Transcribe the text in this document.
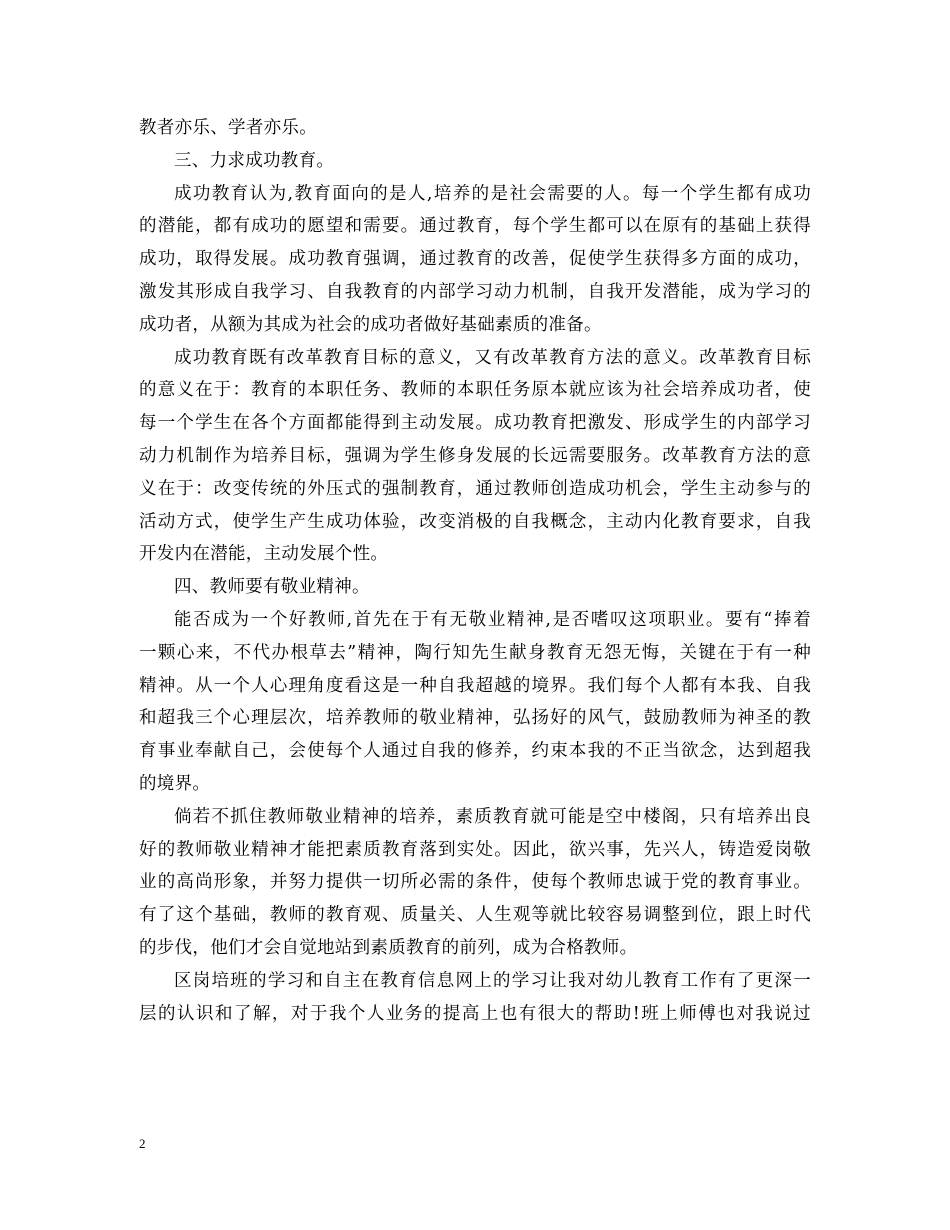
教者亦乐、学者亦乐。
三、力求成功教育。
成功教育认为,教育面向的是人,培养的是社会需要的人。每一个学生都有成功
的潜能，都有成功的愿望和需要。通过教育，每个学生都可以在原有的基础上获得
成功，取得发展。成功教育强调，通过教育的改善，促使学生获得多方面的成功，
激发其形成自我学习、自我教育的内部学习动力机制，自我开发潜能，成为学习的
成功者，从额为其成为社会的成功者做好基础素质的准备。
成功教育既有改革教育目标的意义，又有改革教育方法的意义。改革教育目标
的意义在于：教育的本职任务、教师的本职任务原本就应该为社会培养成功者，使
每一个学生在各个方面都能得到主动发展。成功教育把激发、形成学生的内部学习
动力机制作为培养目标，强调为学生修身发展的长远需要服务。改革教育方法的意
义在于：改变传统的外压式的强制教育，通过教师创造成功机会，学生主动参与的
活动方式，使学生产生成功体验，改变消极的自我概念，主动内化教育要求，自我
开发内在潜能，主动发展个性。
四、教师要有敬业精神。
能否成为一个好教师,首先在于有无敬业精神,是否嗜叹这项职业。要有“捧着
一颗心来，不代办根草去”精神，陶行知先生献身教育无怨无悔，关键在于有一种
精神。从一个人心理角度看这是一种自我超越的境界。我们每个人都有本我、自我
和超我三个心理层次，培养教师的敬业精神，弘扬好的风气，鼓励教师为神圣的教
育事业奉献自己，会使每个人通过自我的修养，约束本我的不正当欲念，达到超我
的境界。
倘若不抓住教师敬业精神的培养，素质教育就可能是空中楼阁，只有培养出良
好的教师敬业精神才能把素质教育落到实处。因此，欲兴事，先兴人，铸造爱岗敬
业的高尚形象，并努力提供一切所必需的条件，使每个教师忠诚于党的教育事业。
有了这个基础，教师的教育观、质量关、人生观等就比较容易调整到位，跟上时代
的步伐，他们才会自觉地站到素质教育的前列，成为合格教师。
区岗培班的学习和自主在教育信息网上的学习让我对幼儿教育工作有了更深一
层的认识和了解，对于我个人业务的提高上也有很大的帮助!班上师傅也对我说过
2
